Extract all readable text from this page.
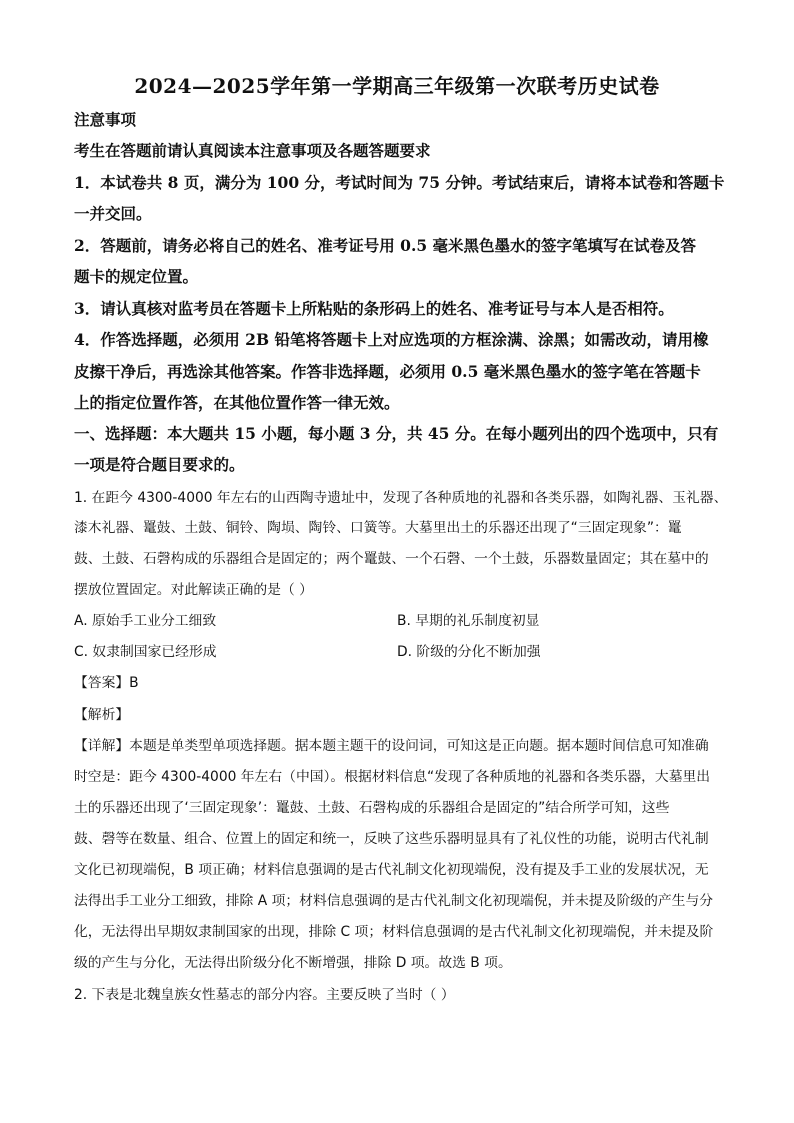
2024—2025学年第一学期高三年级第一次联考历史试卷
注意事项
考生在答题前请认真阅读本注意事项及各题答题要求
1．本试卷共 8 页，满分为 100 分，考试时间为 75 分钟。考试结束后，请将本试卷和答题卡
一并交回。
2．答题前，请务必将自己的姓名、准考证号用 0.5 毫米黑色墨水的签字笔填写在试卷及答
题卡的规定位置。
3．请认真核对监考员在答题卡上所粘贴的条形码上的姓名、准考证号与本人是否相符。
4．作答选择题，必须用 2B 铅笔将答题卡上对应选项的方框涂满、涂黑；如需改动，请用橡
皮擦干净后，再选涂其他答案。作答非选择题，必须用 0.5 毫米黑色墨水的签字笔在答题卡
上的指定位置作答，在其他位置作答一律无效。
一、选择题：本大题共 15 小题，每小题 3 分，共 45 分。在每小题列出的四个选项中，只有
一项是符合题目要求的。
1. 在距今 4300-4000 年左右的山西陶寺遗址中，发现了各种质地的礼器和各类乐器，如陶礼器、玉礼器、
漆木礼器、鼍鼓、土鼓、铜铃、陶埙、陶铃、口簧等。大墓里出土的乐器还出现了“三固定现象”：鼍
鼓、土鼓、石磬构成的乐器组合是固定的；两个鼍鼓、一个石磬、一个土鼓，乐器数量固定；其在墓中的
摆放位置固定。对此解读正确的是（ ）
A. 原始手工业分工细致	B. 早期的礼乐制度初显
C. 奴隶制国家已经形成	D. 阶级的分化不断加强
【答案】B
【解析】
【详解】本题是单类型单项选择题。据本题主题干的设问词，可知这是正向题。据本题时间信息可知准确
时空是：距今 4300-4000 年左右（中国）。根据材料信息“发现了各种质地的礼器和各类乐器，大墓里出
土的乐器还出现了‘三固定现象’：鼍鼓、土鼓、石磬构成的乐器组合是固定的”结合所学可知，这些
鼓、磬等在数量、组合、位置上的固定和统一，反映了这些乐器明显具有了礼仪性的功能，说明古代礼制
文化已初现端倪，B 项正确；材料信息强调的是古代礼制文化初现端倪，没有提及手工业的发展状况，无
法得出手工业分工细致，排除 A 项；材料信息强调的是古代礼制文化初现端倪，并未提及阶级的产生与分
化，无法得出早期奴隶制国家的出现，排除 C 项；材料信息强调的是古代礼制文化初现端倪，并未提及阶
级的产生与分化，无法得出阶级分化不断增强，排除 D 项。故选 B 项。
2. 下表是北魏皇族女性墓志的部分内容。主要反映了当时（ ）
